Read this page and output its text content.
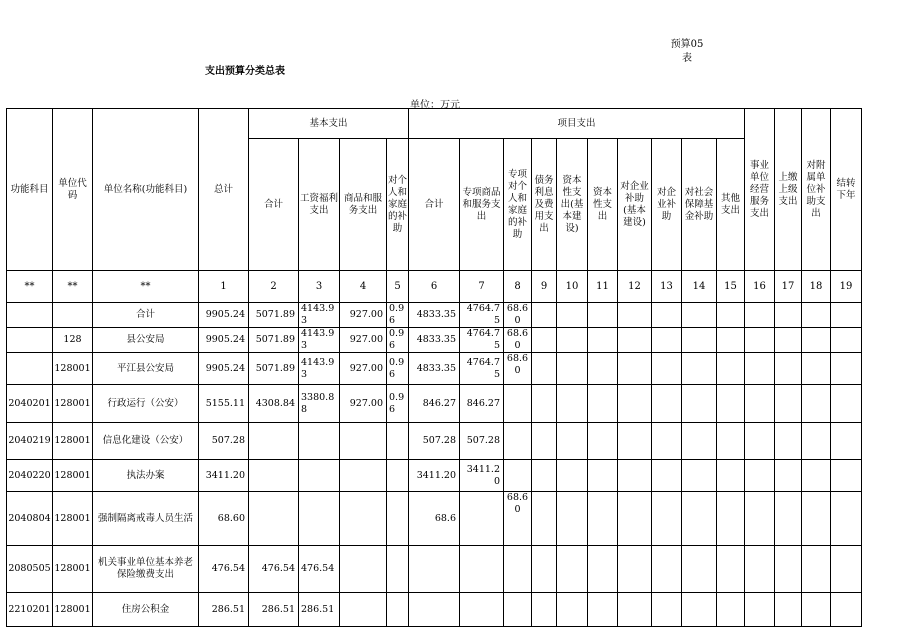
预算05
表
支出预算分类总表
单位：万元
功能科目	单位代码	单位名称(功能科目)	总计	基本支出				项目支出										事业单位经营服务支出	上缴上级支出	对附属单位补助支出	结转下年
				合计	工资福利支出	商品和服务支出	对个人和家庭的补助	合计	专项商品和服务支出	专项对个人和家庭的补助	债务利息及费用支出	资本性支出(基本建设)	资本性支出	对企业补助(基本建设)	对企业补助	对社会保障基金补助	其他支出				
**	**	**	1	2	3	4	5	6	7	8	9	10	11	12	13	14	15	16	17	18	19
		合计	9905.24	5071.89	4143.93	927.00	0.96	4833.35	4764.75	68.60											
	128	县公安局	9905.24	5071.89	4143.93	927.00	0.96	4833.35	4764.75	68.60											
	128001	平江县公安局	9905.24	5071.89	4143.93	927.00	0.96	4833.35	4764.75	68.60											
2040201	128001	行政运行（公安）	5155.11	4308.84	3380.88	927.00	0.96	846.27	846.27												
2040219	128001	信息化建设（公安）	507.28					507.28	507.28												
2040220	128001	执法办案	3411.20					3411.20	3411.20												
2040804	128001	强制隔离戒毒人员生活	68.60					68.6		68.60											
2080505	128001	机关事业单位基本养老保险缴费支出	476.54	476.54	476.54																
2210201	128001	住房公积金	286.51	286.51	286.51																
